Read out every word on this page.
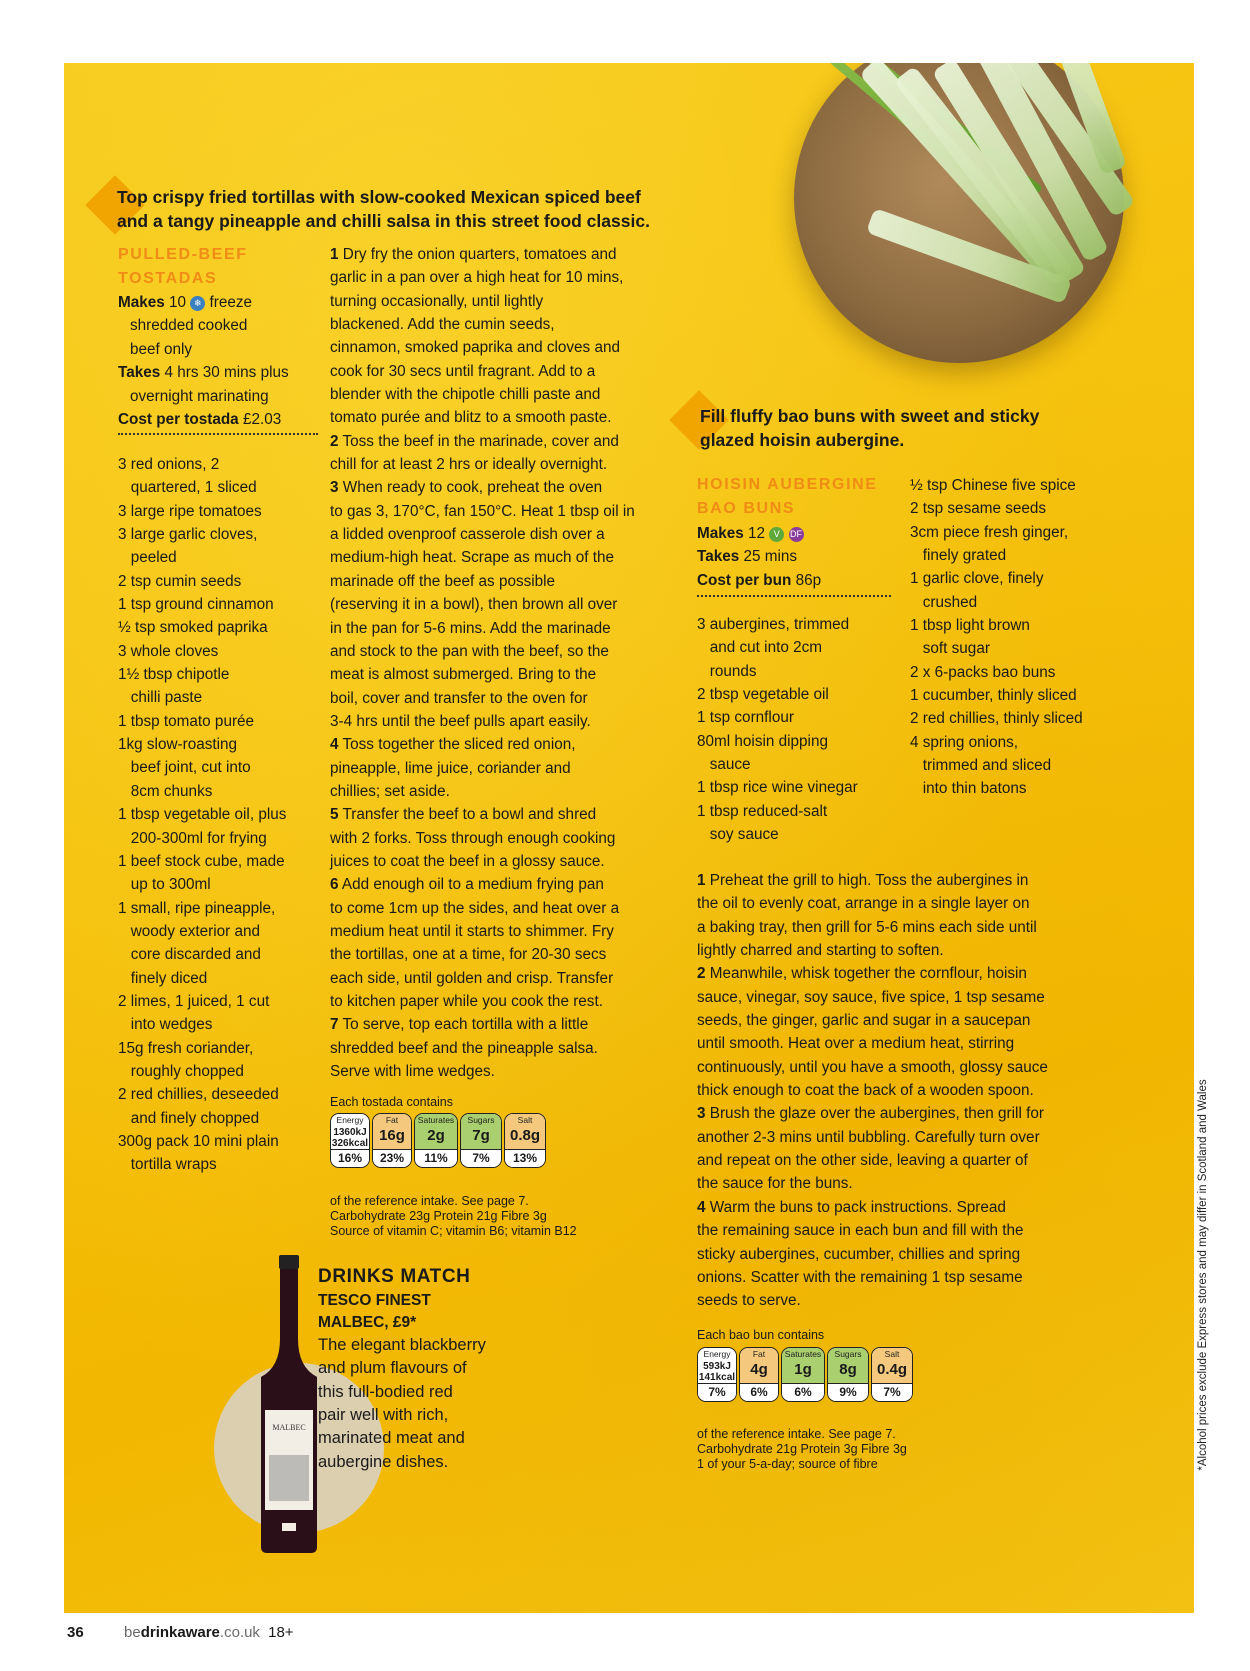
Top crispy fried tortillas with slow-cooked Mexican spiced beef
and a tangy pineapple and chilli salsa in this street food classic.
PULLED-BEEF
TOSTADAS
Makes 10 ❄ freeze
shredded cooked
beef only
Takes 4 hrs 30 mins plus
overnight marinating
Cost per tostada £2.03
3 red onions, 2
quartered, 1 sliced
3 large ripe tomatoes
3 large garlic cloves,
peeled
2 tsp cumin seeds
1 tsp ground cinnamon
½ tsp smoked paprika
3 whole cloves
1½ tbsp chipotle
chilli paste
1 tbsp tomato purée
1kg slow-roasting
beef joint, cut into
8cm chunks
1 tbsp vegetable oil, plus
200-300ml for frying
1 beef stock cube, made
up to 300ml
1 small, ripe pineapple,
woody exterior and
core discarded and
finely diced
2 limes, 1 juiced, 1 cut
into wedges
15g fresh coriander,
roughly chopped
2 red chillies, deseeded
and finely chopped
300g pack 10 mini plain
tortilla wraps
1 Dry fry the onion quarters, tomatoes and
garlic in a pan over a high heat for 10 mins,
turning occasionally, until lightly
blackened. Add the cumin seeds,
cinnamon, smoked paprika and cloves and
cook for 30 secs until fragrant. Add to a
blender with the chipotle chilli paste and
tomato purée and blitz to a smooth paste.
2 Toss the beef in the marinade, cover and
chill for at least 2 hrs or ideally overnight.
3 When ready to cook, preheat the oven
to gas 3, 170°C, fan 150°C. Heat 1 tbsp oil in
a lidded ovenproof casserole dish over a
medium-high heat. Scrape as much of the
marinade off the beef as possible
(reserving it in a bowl), then brown all over
in the pan for 5-6 mins. Add the marinade
and stock to the pan with the beef, so the
meat is almost submerged. Bring to the
boil, cover and transfer to the oven for
3-4 hrs until the beef pulls apart easily.
4 Toss together the sliced red onion,
pineapple, lime juice, coriander and
chillies; set aside.
5 Transfer the beef to a bowl and shred
with 2 forks. Toss through enough cooking
juices to coat the beef in a glossy sauce.
6 Add enough oil to a medium frying pan
to come 1cm up the sides, and heat over a
medium heat until it starts to shimmer. Fry
the tortillas, one at a time, for 20-30 secs
each side, until golden and crisp. Transfer
to kitchen paper while you cook the rest.
7 To serve, top each tortilla with a little
shredded beef and the pineapple salsa.
Serve with lime wedges.
Each tostada contains
Energy
1360kJ
326kcal
16%
Fat
16g
23%
Saturates
2g
11%
Sugars
7g
7%
Salt
0.8g
13%
of the reference intake. See page 7.
Carbohydrate 23g Protein 21g Fibre 3g
Source of vitamin C; vitamin B6; vitamin B12
MALBEC
DRINKS MATCH
TESCO FINEST
MALBEC, £9*
The elegant blackberry
and plum flavours of
this full-bodied red
pair well with rich,
marinated meat and
aubergine dishes.
Fill fluffy bao buns with sweet and sticky
glazed hoisin aubergine.
HOISIN AUBERGINE
BAO BUNS
Makes 12 V DF
Takes 25 mins
Cost per bun 86p
3 aubergines, trimmed
and cut into 2cm
rounds
2 tbsp vegetable oil
1 tsp cornflour
80ml hoisin dipping
sauce
1 tbsp rice wine vinegar
1 tbsp reduced-salt
soy sauce
½ tsp Chinese five spice
2 tsp sesame seeds
3cm piece fresh ginger,
finely grated
1 garlic clove, finely
crushed
1 tbsp light brown
soft sugar
2 x 6-packs bao buns
1 cucumber, thinly sliced
2 red chillies, thinly sliced
4 spring onions,
trimmed and sliced
into thin batons
1 Preheat the grill to high. Toss the aubergines in
the oil to evenly coat, arrange in a single layer on
a baking tray, then grill for 5-6 mins each side until
lightly charred and starting to soften.
2 Meanwhile, whisk together the cornflour, hoisin
sauce, vinegar, soy sauce, five spice, 1 tsp sesame
seeds, the ginger, garlic and sugar in a saucepan
until smooth. Heat over a medium heat, stirring
continuously, until you have a smooth, glossy sauce
thick enough to coat the back of a wooden spoon.
3 Brush the glaze over the aubergines, then grill for
another 2-3 mins until bubbling. Carefully turn over
and repeat on the other side, leaving a quarter of
the sauce for the buns.
4 Warm the buns to pack instructions. Spread
the remaining sauce in each bun and fill with the
sticky aubergines, cucumber, chillies and spring
onions. Scatter with the remaining 1 tsp sesame
seeds to serve.
Each bao bun contains
Energy
593kJ
141kcal
7%
Fat
4g
6%
Saturates
1g
6%
Sugars
8g
9%
Salt
0.4g
7%
of the reference intake. See page 7.
Carbohydrate 21g Protein 3g Fibre 3g
1 of your 5-a-day; source of fibre	*Alcohol prices exclude Express stores and may differ in Scotland and Wales
36	bedrinkaware.co.uk 18+
